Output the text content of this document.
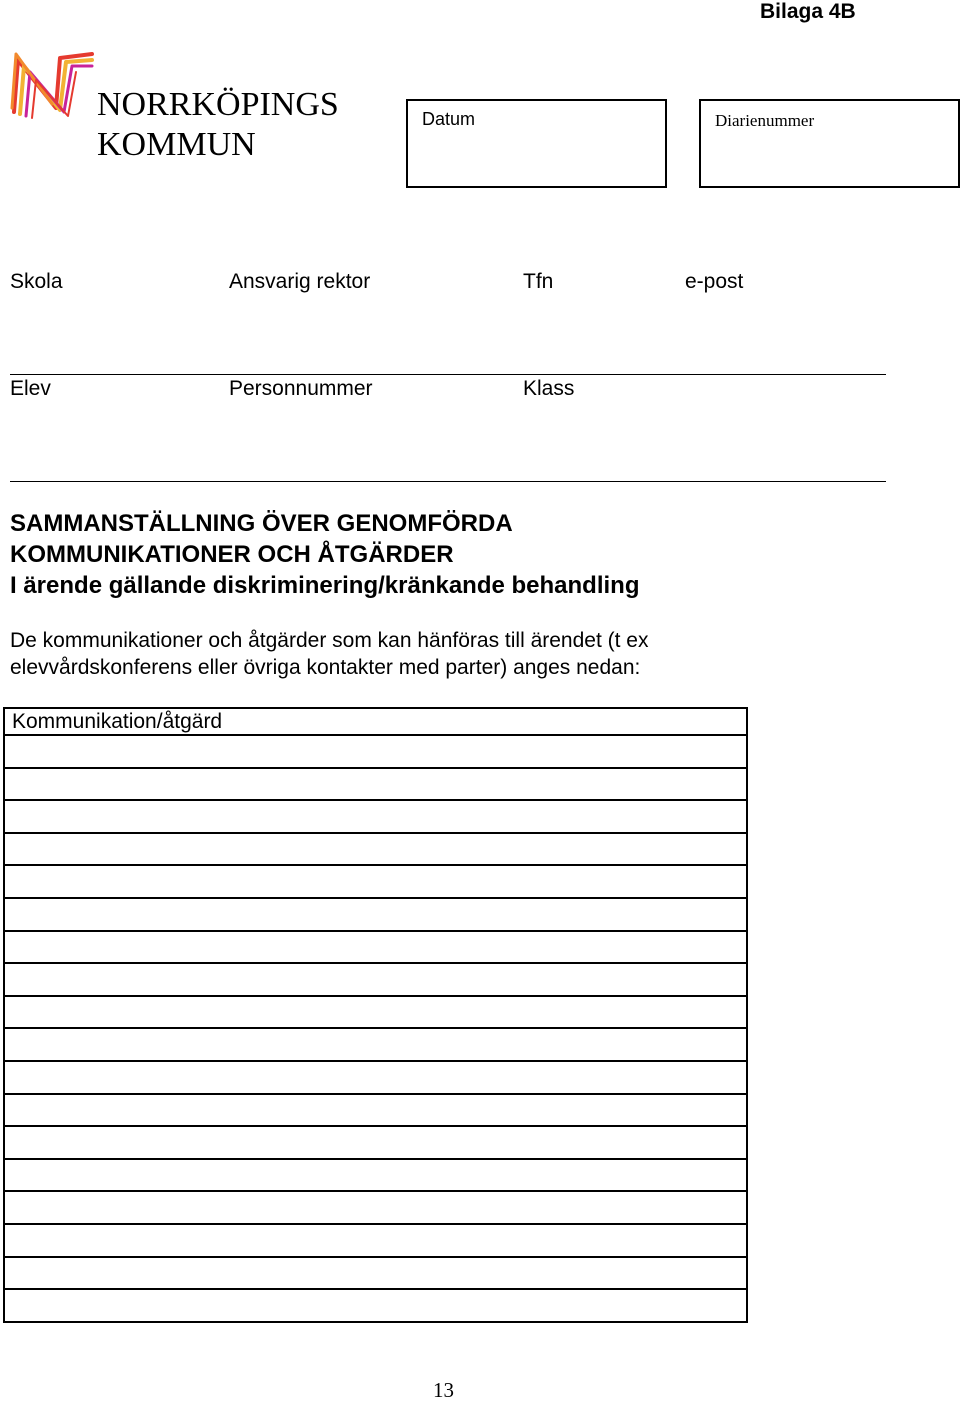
Bilaga 4B
NORRKÖPINGS
KOMMUN
Datum	Diarienummer
Skola	Ansvarig rektor	Tfn	e-post
Elev	Personnummer	Klass
SAMMANSTÄLLNING ÖVER GENOMFÖRDA
KOMMUNIKATIONER OCH ÅTGÄRDER
I ärende gällande diskriminering/kränkande behandling
De kommunikationer och åtgärder som kan hänföras till ärendet (t ex
elevvårdskonferens eller övriga kontakter med parter) anges nedan:
Kommunikation/åtgärd
13
